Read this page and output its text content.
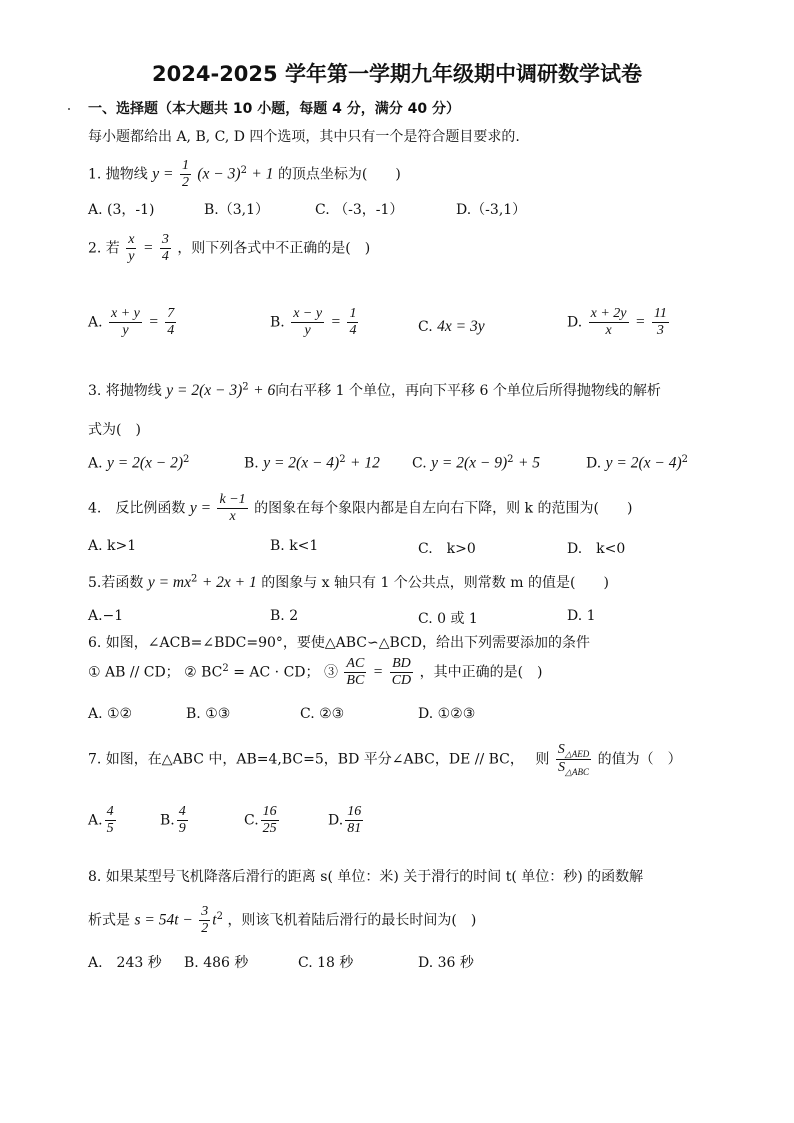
2024-2025 学年第一学期九年级期中调研数学试卷
一、选择题（本大题共 10 小题，每题 4 分，满分 40 分）
每小题都给出 A, B, C, D 四个选项，其中只有一个是符合题目要求的.
1. 抛物线 $y = \frac{1}{2} (x - 3)^2 + 1$ 的顶点坐标为(　　)
A. (3，-1)	B.（3,1）	C. （-3，-1）	D.（-3,1）
2. 若 $\frac{x}{y} = \frac{3}{4}$ ，则下列各式中不正确的是(　)
A. $\frac{x + y}{y} = \frac{7}{4}$	B. $\frac{x - y}{y} = \frac{1}{4}$	C. 4x = 3y	D. $\frac{x + 2y}{x} = \frac{11}{3}$
3. 将抛物线 $y = 2(x - 3)^2 + 6$向右平移 1 个单位，再向下平移 6 个单位后所得抛物线的解析
式为(　)
A. $y = 2(x - 2)^2$	B. $y = 2(x - 4)^2 + 12$ C. $y = 2(x - 9)^2 + 5$	D. $y = 2(x - 4)^2$
4.　反比例函数 $y = \frac{k -1}{x}$ 的图象在每个象限内都是自左向右下降，则 k 的范围为(　　)
A. k>1	B. k<1	C.　k>0	D.　k<0
5.若函数 $y = mx^2 + 2x + 1$ 的图象与 x 轴只有 1 个公共点，则常数 m 的值是(　　)
A.−1	B. 2	C. 0 或 1	D. 1
6. 如图，∠ACB=∠BDC=90°，要使△ABC∽△BCD，给出下列需要添加的条件
① AB // CD； ② $BC^2$ = AC · CD； ③ $\frac{AC}{BC} = \frac{BD}{CD}$ ，其中正确的是(　)
A. ①②	B. ①③	C. ②③	D. ①②③
7. 如图，在△ABC 中，AB=4,BC=5，BD 平分∠ABC，DE // BC，　 则 $\frac{S_{\triangle AED}}{S_{\triangle ABC}}$ 的值为（　）
A. $\frac{4}{5}$	B. $\frac{4}{9}$	C. $\frac{16}{25}$	D. $\frac{16}{81}$
8. 如果某型号飞机降落后滑行的距离 s( 单位：米) 关于滑行的时间 t( 单位：秒) 的函数解
析式是 $s = 54t - \frac{3}{2} t^2$ ，则该飞机着陆后滑行的最长时间为(　)
A.　243 秒 B. 486 秒	C. 18 秒	D. 36 秒
